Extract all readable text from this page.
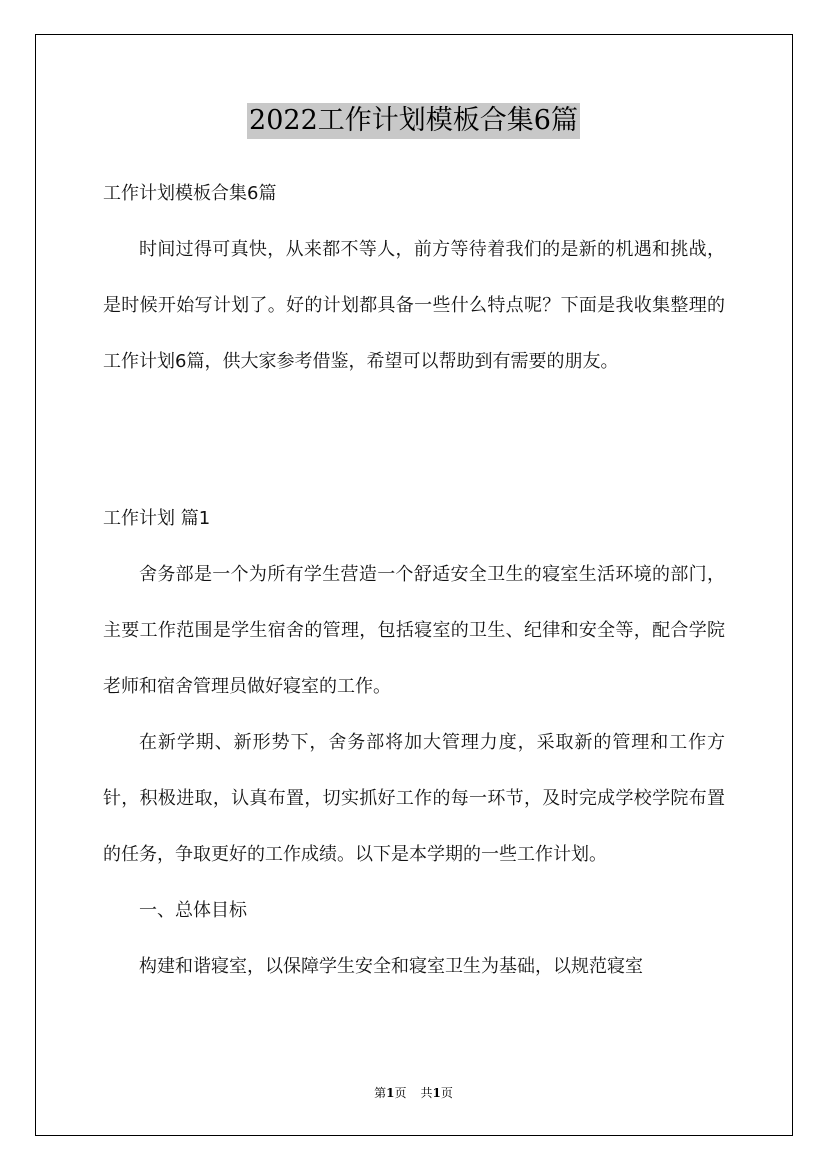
2022工作计划模板合集6篇

工作计划模板合集6篇

时间过得可真快，从来都不等人，前方等待着我们的是新的机遇和挑战，是时候开始写计划了。好的计划都具备一些什么特点呢？下面是我收集整理的工作计划6篇，供大家参考借鉴，希望可以帮助到有需要的朋友。

工作计划 篇1

舍务部是一个为所有学生营造一个舒适安全卫生的寝室生活环境的部门，主要工作范围是学生宿舍的管理，包括寝室的卫生、纪律和安全等，配合学院老师和宿舍管理员做好寝室的工作。

在新学期、新形势下，舍务部将加大管理力度，采取新的管理和工作方针，积极进取，认真布置，切实抓好工作的每一环节，及时完成学校学院布置的任务，争取更好的工作成绩。以下是本学期的一些工作计划。

一、总体目标

构建和谐寝室，以保障学生安全和寝室卫生为基础，以规范寝室

第1页 共1页
